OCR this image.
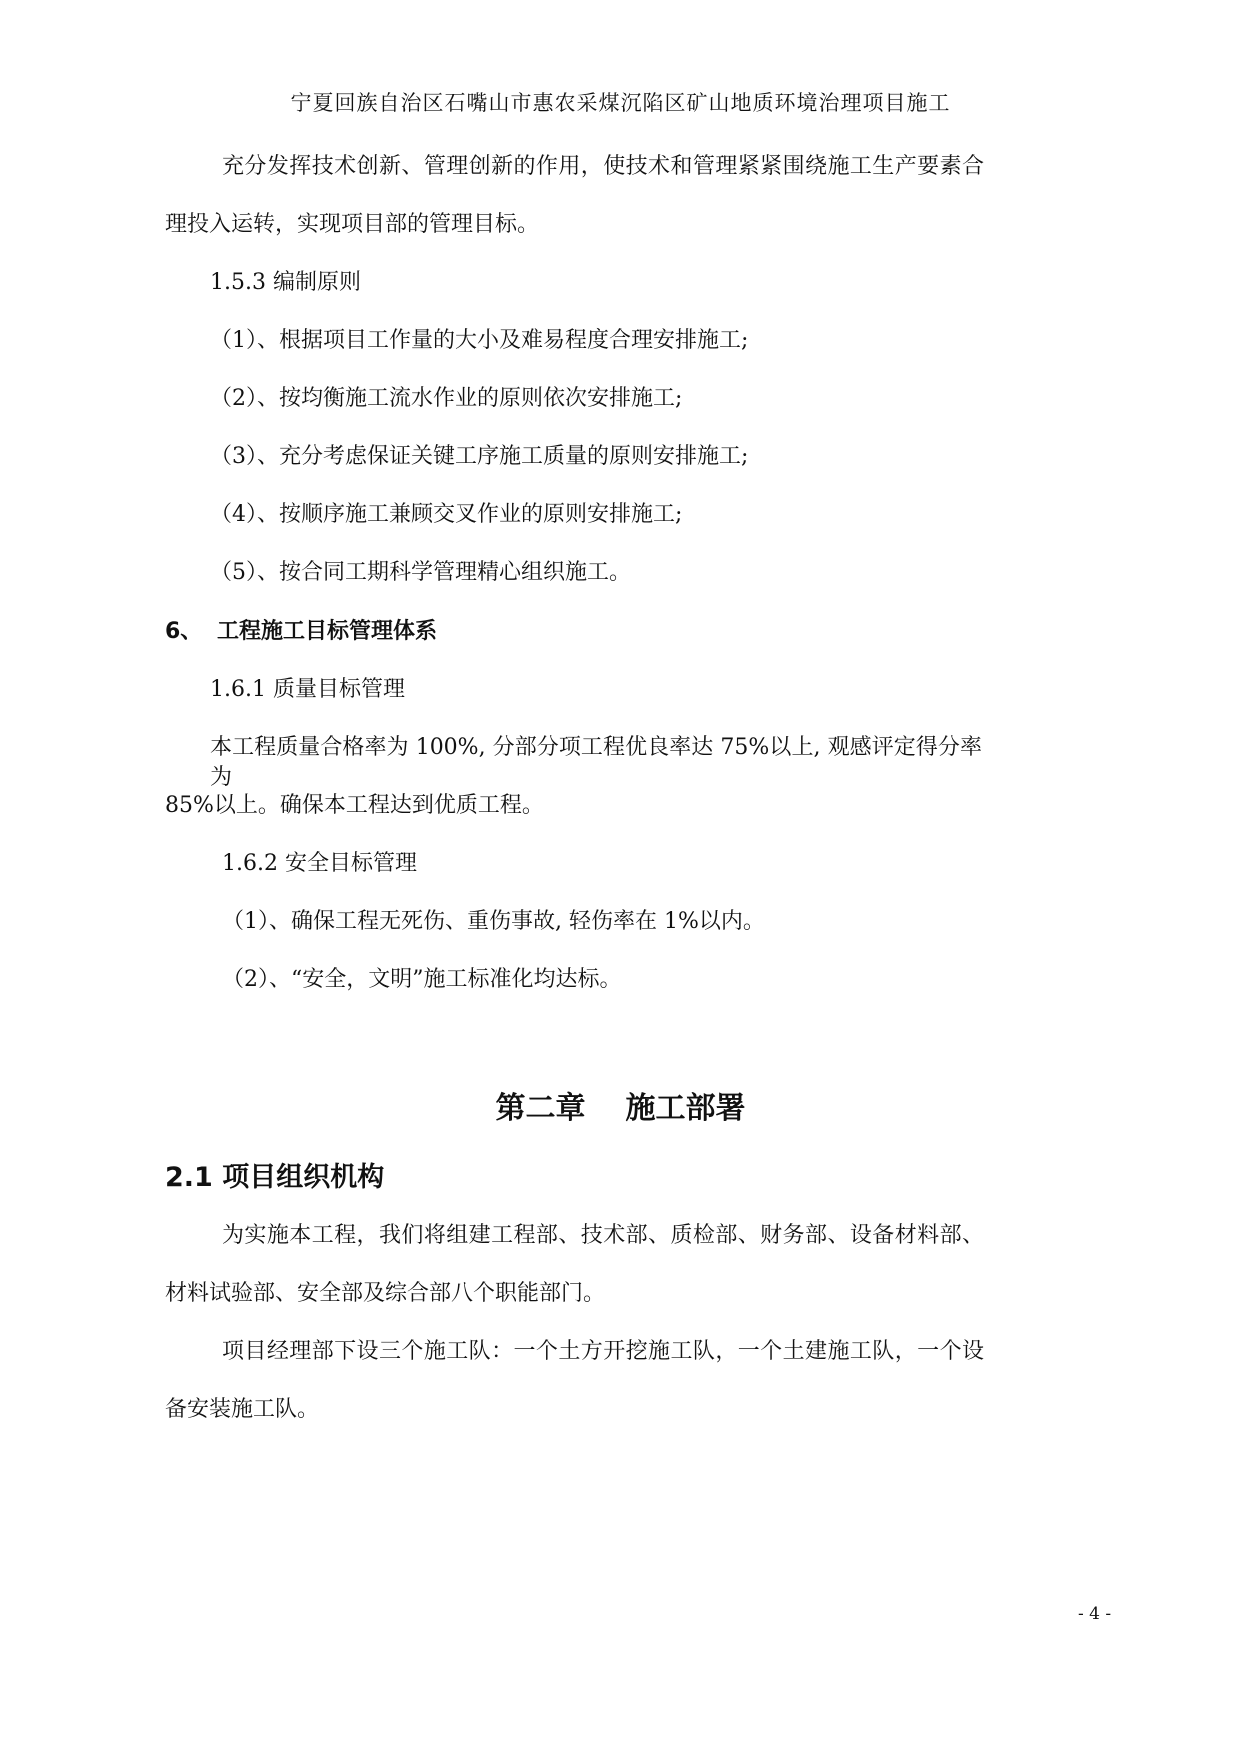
宁夏回族自治区石嘴山市惠农采煤沉陷区矿山地质环境治理项目施工
充分发挥技术创新、管理创新的作用，使技术和管理紧紧围绕施工生产要素合
理投入运转，实现项目部的管理目标。
1.5.3 编制原则
（1）、根据项目工作量的大小及难易程度合理安排施工;
（2）、按均衡施工流水作业的原则依次安排施工;
（3）、充分考虑保证关键工序施工质量的原则安排施工;
（4）、按顺序施工兼顾交叉作业的原则安排施工;
（5）、按合同工期科学管理精心组织施工。
6、 工程施工目标管理体系
1.6.1 质量目标管理
本工程质量合格率为 100%, 分部分项工程优良率达 75%以上, 观感评定得分率为
85%以上。确保本工程达到优质工程。
1.6.2 安全目标管理
（1）、确保工程无死伤、重伤事故, 轻伤率在 1%以内。
（2）、“安全，文明”施工标准化均达标。
第二章 施工部署
2.1 项目组织机构
为实施本工程，我们将组建工程部、技术部、质检部、财务部、设备材料部、
材料试验部、安全部及综合部八个职能部门。
项目经理部下设三个施工队：一个土方开挖施工队，一个土建施工队，一个设
备安装施工队。
- 4 -
